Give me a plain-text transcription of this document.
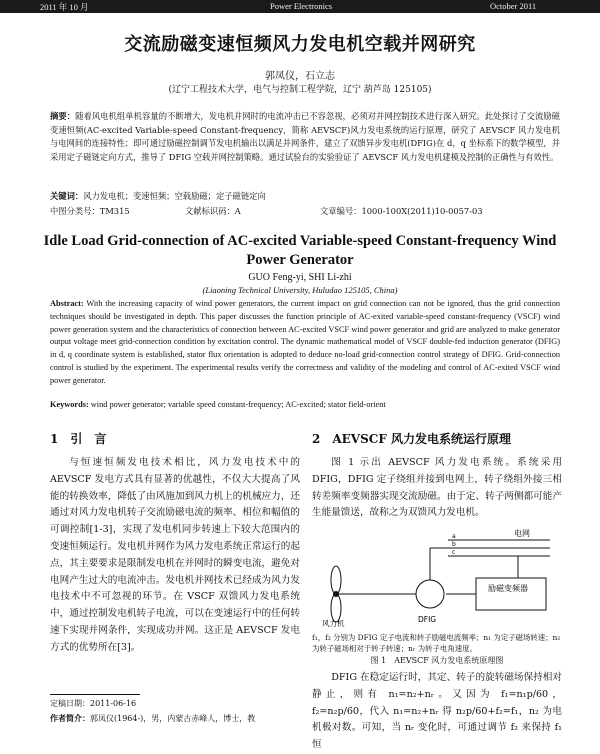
2011 年 10 月	Power Electronics	October 2011
交流励磁变速恒频风力发电机空载并网研究
郭凤仪，石立志
(辽宁工程技术大学，电气与控制工程学院，辽宁 葫芦岛 125105)
摘要：随着风电机组单机容量的不断增大，发电机并网时的电流冲击已不容忽视，必须对并网控制技术进行深入研究。此处探讨了交流励磁变速恒频(AC-excited Variable-speed Constant-frequency，简称 AEVSCF)风力发电系统的运行原理，研究了 AEVSCF 风力发电机与电网间的连接特性；即可通过励磁控制调节发电机输出以满足并网条件，建立了双馈异步发电机(DFIG)在 d，q 坐标系下的数学模型，并采用定子磁链定向方式，推导了 DFIG 空载并网控制策略。通过试验台的实验验证了 AEVSCF 风力发电机建模及控制的正确性与有效性。
关键词：风力发电机；变速恒频；空载励磁；定子磁链定向
中图分类号：TM315	文献标识码：A	文章编号：1000-100X(2011)10-0057-03
Idle Load Grid-connection of AC-excited Variable-speed Constant-frequency Wind Power Generator
GUO Feng-yi, SHI Li-zhi
(Liaoning Technical University, Huludao 125105, China)
Abstract: With the increasing capacity of wind power generators, the current impact on grid connection can not be ignored, thus the grid connection techniques should be investigated in depth. This paper discusses the function principle of AC-exited variable-speed constant-frequency (VSCF) wind power generation system and the characteristics of connection between AC-excited VSCF wind power generator and grid are analyzed to make generator output voltage meet grid-connection condition by excitation control. The dynamic mathematical model of VSCF double-fed induction generator (DFIG) in d, q coordinate system is established, stator flux orientation is adopted to deduce no-load grid-connection control strategy of DFIG. Grid-connection control is studied by the experiment. The experimental results verify the correctness and validity of the modeling and control of AC-exited VSCF wind power generator.
Keywords: wind power generator; variable speed constant-frequency; AC-excited; stator field-orient
1　引　言
与恒速恒频发电技术相比，风力发电技术中的 AEVSCF 发电方式具有显著的优越性，不仅大大提高了风能的转换效率，降低了由风施加到风力机上的机械应力，还通过对风力发电机转子交流励磁电流的频率、相位和幅值的可调控制[1-3]，实现了发电机同步转速上下较大范围内的变速恒频运行。发电机并网作为风力发电系统正常运行的起点，其主要要求是限制发电机在并网时的瞬变电流，避免对电网产生过大的电流冲击。发电机并网技术已经成为风力发电技术中不可忽视的环节。在 VSCF 双馈风力发电系统中，通过控制发电机转子电流，可以在变速运行中的任何转速下实现并网条件，实现成功并网。这正是 AEVSCF 发电方式的优势所在[3]。
定稿日期：2011-06-16
作者简介：郭凤仪(1964-)，男，内蒙古赤峰人，博士，教
2　AEVSCF 风力发电系统运行原理
图 1 示出 AEVSCF 风力发电系统。系统采用 DFIG，DFIG 定子绕组并接到电网上，转子绕组外接三相转差频率变频器实现交流励磁。由于定、转子两侧都可能产生能量馈送，故称之为双馈风力发电机。
电网
a
b
c
励磁变频器
风力机	DFIG
f₁，f₂ 分别为 DFIG 定子电流和转子励磁电流频率；n₁ 为定子磁场转速；n₂ 为转子磁场相对于转子转速；nᵣ 为转子电角速度。
图 1　AEVSCF 风力发电系统原理图
DFIG 在稳定运行时，其定、转子的旋转磁场保持相对静止，则有 n₁=n₂+nᵣ。又因为 f₁=n₁p/60，f₂=n₂p/60，代入 n₁=n₂+nᵣ 得 n₂p/60+f₂=f₁，n₂ 为电机极对数。可知，当 nᵣ 变化时，可通过调节 f₂ 来保持 f₁ 恒
